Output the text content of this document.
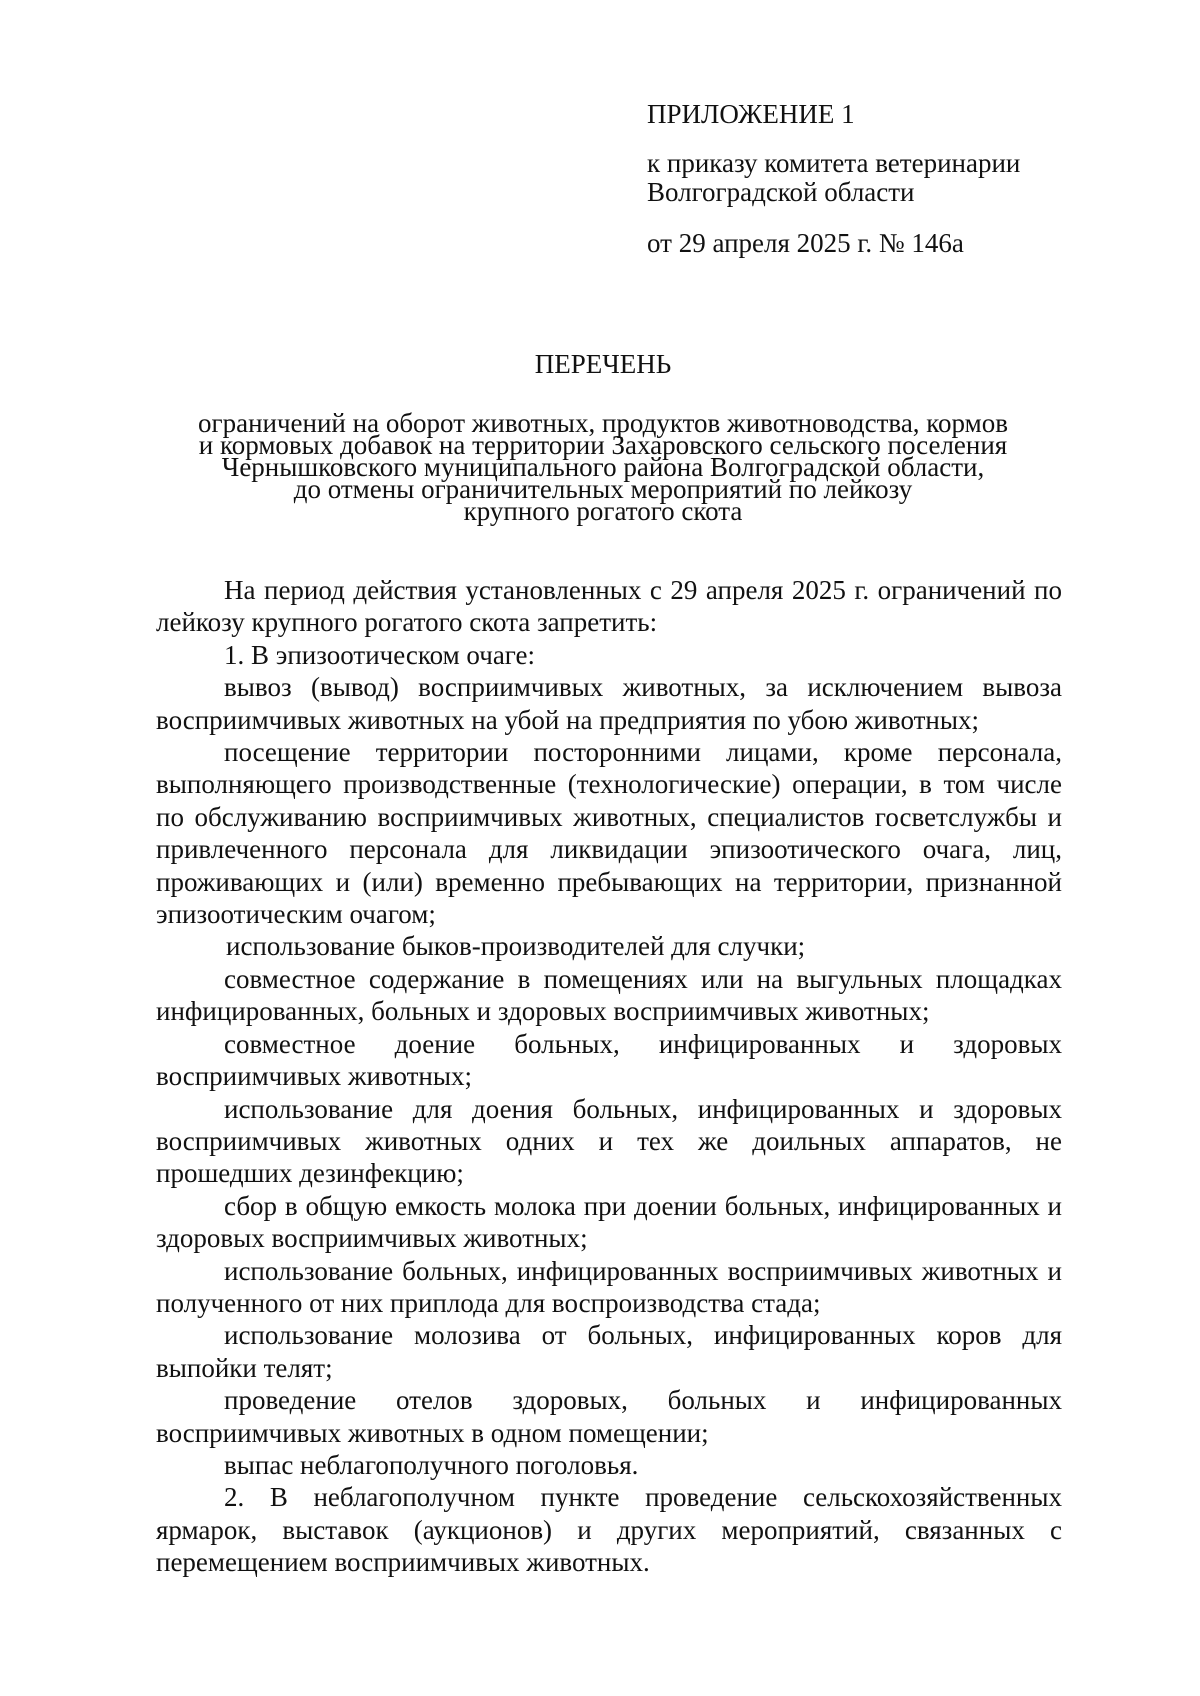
ПРИЛОЖЕНИЕ 1

к приказу комитета ветеринарии

Волгоградской области

от 29 апреля 2025 г. № 146а

ПЕРЕЧЕНЬ

ограничений на оборот животных, продуктов животноводства, кормов

и кормовых добавок на территории Захаровского сельского поселения

Чернышковского муниципального района Волгоградской области,

до отмены ограничительных мероприятий по лейкозу

крупного рогатого скота

На период действия установленных с 29 апреля 2025 г. ограничений по лейкозу крупного рогатого скота запретить:

1. В эпизоотическом очаге:

вывоз (вывод) восприимчивых животных, за исключением вывоза восприимчивых животных на убой на предприятия по убою животных;

посещение территории посторонними лицами, кроме персонала, выполняющего производственные (технологические) операции, в том числе по обслуживанию восприимчивых животных, специалистов госветслужбы и привлеченного персонала для ликвидации эпизоотического очага, лиц, проживающих и (или) временно пребывающих на территории, признанной эпизоотическим очагом;

использование быков-производителей для случки;

совместное содержание в помещениях или на выгульных площадках инфицированных, больных и здоровых восприимчивых животных;

совместное доение больных, инфицированных и здоровых восприимчивых животных;

использование для доения больных, инфицированных и здоровых восприимчивых животных одних и тех же доильных аппаратов, не прошедших дезинфекцию;

сбор в общую емкость молока при доении больных, инфицированных и здоровых восприимчивых животных;

использование больных, инфицированных восприимчивых животных и полученного от них приплода для воспроизводства стада;

использование молозива от больных, инфицированных коров для выпойки телят;

проведение отелов здоровых, больных и инфицированных восприимчивых животных в одном помещении;

выпас неблагополучного поголовья.

2. В неблагополучном пункте проведение сельскохозяйственных ярмарок, выставок (аукционов) и других мероприятий, связанных с перемещением восприимчивых животных.
